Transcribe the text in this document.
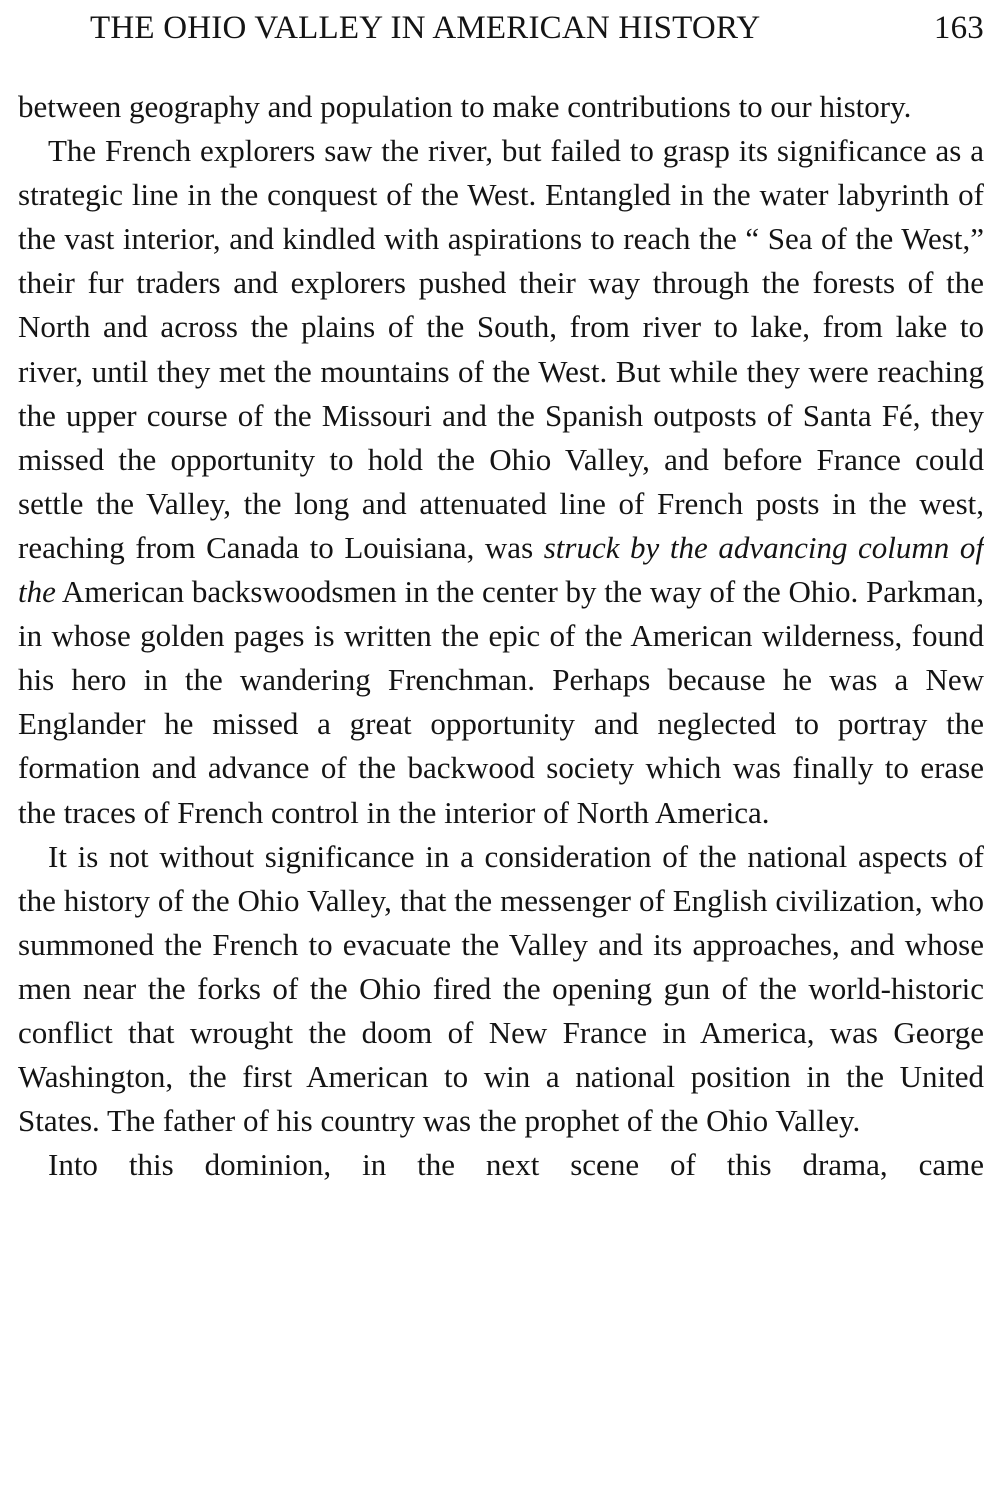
THE OHIO VALLEY IN AMERICAN HISTORY	163

between geography and population to make contributions to our history.

The French explorers saw the river, but failed to grasp its significance as a strategic line in the conquest of the West. Entangled in the water labyrinth of the vast interior, and kindled with aspirations to reach the “ Sea of the West,” their fur traders and explorers pushed their way through the forests of the North and across the plains of the South, from river to lake, from lake to river, until they met the mountains of the West. But while they were reaching the upper course of the Missouri and the Spanish outposts of Santa Fé, they missed the opportunity to hold the Ohio Valley, and before France could settle the Valley, the long and attenuated line of French posts in the west, reaching from Canada to Louisiana, was struck by the advancing column of the American backswoodsmen in the center by the way of the Ohio. Parkman, in whose golden pages is written the epic of the American wilderness, found his hero in the wandering Frenchman. Perhaps because he was a New Englander he missed a great opportunity and neglected to portray the formation and advance of the backwood society which was finally to erase the traces of French control in the interior of North America.

It is not without significance in a consideration of the national aspects of the history of the Ohio Valley, that the messenger of English civilization, who summoned the French to evacuate the Valley and its approaches, and whose men near the forks of the Ohio fired the opening gun of the world-historic conflict that wrought the doom of New France in America, was George Washington, the first American to win a national position in the United States. The father of his country was the prophet of the Ohio Valley.

Into this dominion, in the next scene of this drama, came
